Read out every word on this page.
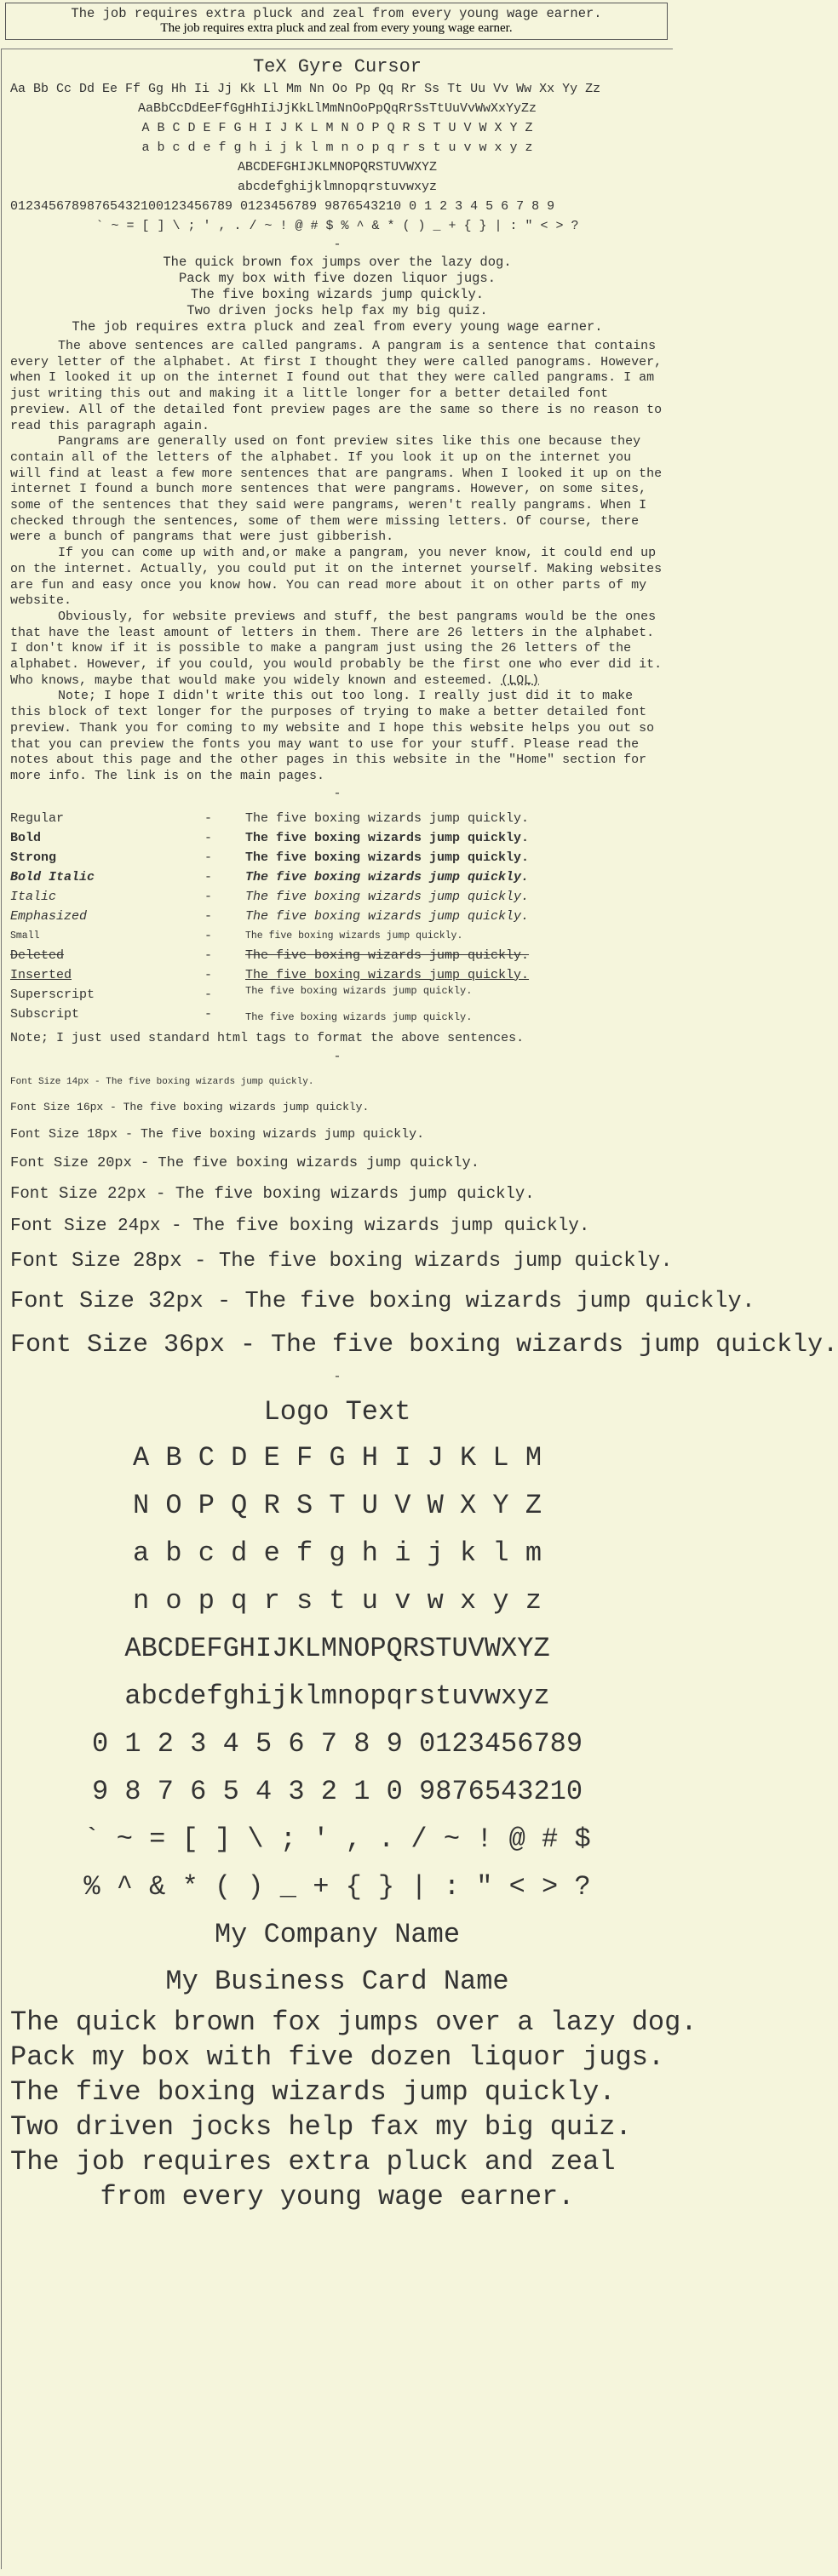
The job requires extra pluck and zeal from every young wage earner.
The job requires extra pluck and zeal from every young wage earner.
TeX Gyre Cursor
Aa Bb Cc Dd Ee Ff Gg Hh Ii Jj Kk Ll Mm Nn Oo Pp Qq Rr Ss Tt Uu Vv Ww Xx Yy Zz
AaBbCcDdEeFfGgHhIiJjKkLlMmNnOoPpQqRrSsTtUuVvWwXxYyZz
A B C D E F G H I J K L M N O P Q R S T U V W X Y Z
a b c d e f g h i j k l m n o p q r s t u v w x y z
ABCDEFGHIJKLMNOPQRSTUVWXYZ
abcdefghijklmnopqrstuvwxyz
01234567898765432100123456789 0123456789 9876543210 0 1 2 3 4 5 6 7 8 9
` ~ = [ ] \ ; ' , . / ~ ! @ # $ % ^ & * ( ) _ + { } | : " < > ?
-
The quick brown fox jumps over the lazy dog.
Pack my box with five dozen liquor jugs.
The five boxing wizards jump quickly.
Two driven jocks help fax my big quiz.
The job requires extra pluck and zeal from every young wage earner.

The above sentences are called pangrams. A pangram is a sentence that contains every letter of the alphabet. At first I thought they were called panograms. However, when I looked it up on the internet I found out that they were called pangrams. I am just writing this out and making it a little longer for a better detailed font preview. All of the detailed font preview pages are the same so there is no reason to read this paragraph again.

Pangrams are generally used on font preview sites like this one because they contain all of the letters of the alphabet. If you look it up on the internet you will find at least a few more sentences that are pangrams. When I looked it up on the internet I found a bunch more sentences that were pangrams. However, on some sites, some of the sentences that they said were pangrams, weren't really pangrams. When I checked through the sentences, some of them were missing letters. Of course, there were a bunch of pangrams that were just gibberish.

If you can come up with and,or make a pangram, you never know, it could end up on the internet. Actually, you could put it on the internet yourself. Making websites are fun and easy once you know how. You can read more about it on other parts of my website.

Obviously, for website previews and stuff, the best pangrams would be the ones that have the least amount of letters in them. There are 26 letters in the alphabet. I don't know if it is possible to make a pangram just using the 26 letters of the alphabet. However, if you could, you would probably be the first one who ever did it. Who knows, maybe that would make you widely known and esteemed. (LOL)

Note; I hope I didn't write this out too long. I really just did it to make this block of text longer for the purposes of trying to make a better detailed font preview. Thank you for coming to my website and I hope this website helps you out so that you can preview the fonts you may want to use for your stuff. Please read the notes about this page and the other pages in this website in the "Home" section for more info. The link is on the main pages.

-
Regular	-	The five boxing wizards jump quickly.
Bold	-	The five boxing wizards jump quickly.
Strong	-	The five boxing wizards jump quickly.
Bold Italic	-	The five boxing wizards jump quickly.
Italic	-	The five boxing wizards jump quickly.
Emphasized	-	The five boxing wizards jump quickly.
Small	-	The five boxing wizards jump quickly.
Deleted	-	The five boxing wizards jump quickly.
Inserted	-	The five boxing wizards jump quickly.
Superscript	-	$^{The five boxing wizards jump quickly.}$
Subscript	-	$_{The five boxing wizards jump quickly.}$
Note; I just used standard html tags to format the above sentences.
-
Font Size 14px - The five boxing wizards jump quickly.
Font Size 16px - The five boxing wizards jump quickly.
Font Size 18px - The five boxing wizards jump quickly.
Font Size 20px - The five boxing wizards jump quickly.
Font Size 22px - The five boxing wizards jump quickly.
Font Size 24px - The five boxing wizards jump quickly.
Font Size 28px - The five boxing wizards jump quickly.
Font Size 32px - The five boxing wizards jump quickly.
Font Size 36px - The five boxing wizards jump quickly.
-
Logo Text
A B C D E F G H I J K L M
N O P Q R S T U V W X Y Z
a b c d e f g h i j k l m
n o p q r s t u v w x y z
ABCDEFGHIJKLMNOPQRSTUVWXYZ
abcdefghijklmnopqrstuvwxyz
0 1 2 3 4 5 6 7 8 9 0123456789
9 8 7 6 5 4 3 2 1 0 9876543210
` ~ = [ ] \ ; ' , . / ~ ! @ # $
% ^ & * ( ) _ + { } | : " < > ?
My Company Name
My Business Card Name
The quick brown fox jumps over a lazy dog.
Pack my box with five dozen liquor jugs.
The five boxing wizards jump quickly.
Two driven jocks help fax my big quiz.
The job requires extra pluck and zeal
from every young wage earner.
